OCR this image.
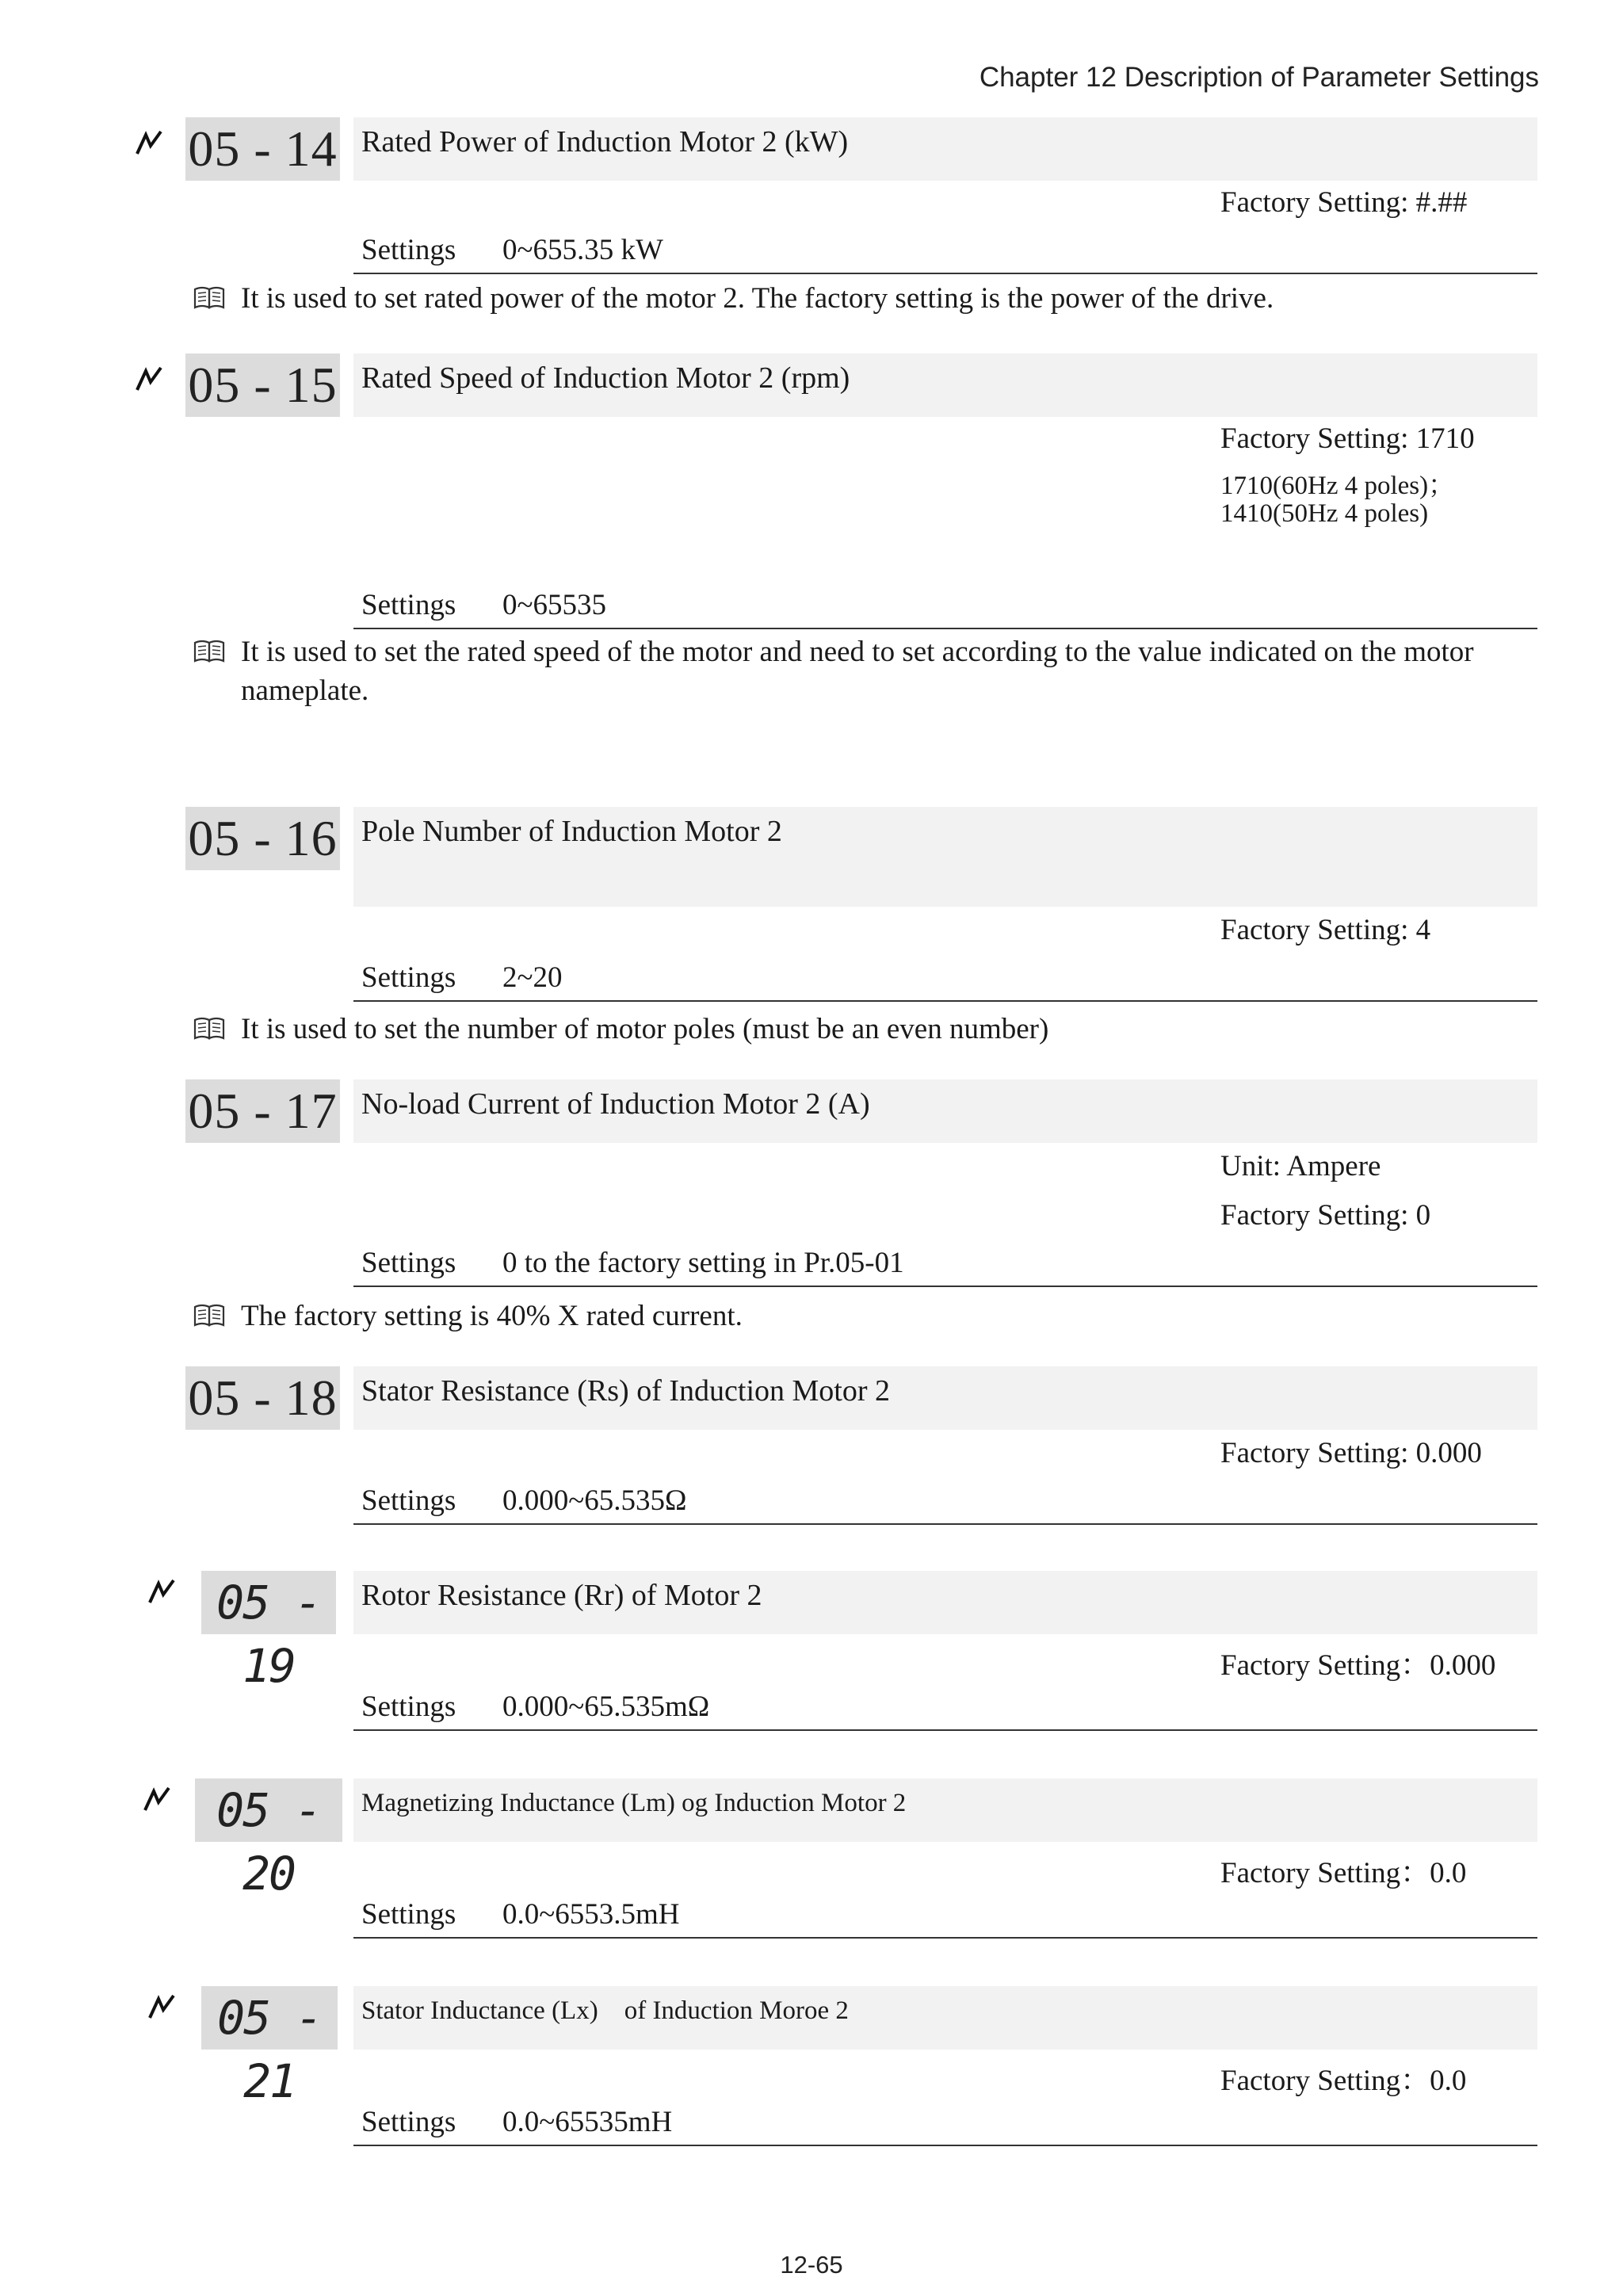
Chapter 12 Description of Parameter Settings
05 - 14 Rated Power of Induction Motor 2 (kW)
Factory Setting: #.##
Settings 0~655.35 kW
It is used to set rated power of the motor 2. The factory setting is the power of the drive.
05 - 15 Rated Speed of Induction Motor 2 (rpm)
Factory Setting: 1710
1710(60Hz 4 poles)；
1410(50Hz 4 poles)
Settings 0~65535
It is used to set the rated speed of the motor and need to set according to the value indicated on the motor nameplate.
05 - 16 Pole Number of Induction Motor 2
Factory Setting: 4
Settings 2~20
It is used to set the number of motor poles (must be an even number)
05 - 17 No-load Current of Induction Motor 2 (A)
Unit: Ampere
Factory Setting: 0
Settings 0 to the factory setting in Pr.05-01
The factory setting is 40% X rated current.
05 - 18 Stator Resistance (Rs) of Induction Motor 2
Factory Setting: 0.000
Settings 0.000~65.535Ω
05 - 19
Rotor Resistance (Rr) of Motor 2
Factory Setting：0.000
Settings 0.000~65.535mΩ
05 - 20
Magnetizing Inductance (Lm) og Induction Motor 2
Factory Setting：0.0
Settings 0.0~6553.5mH
05 - 21
Stator Inductance (Lx)　of Induction Moroe 2
Factory Setting：0.0
Settings 0.0~65535mH
12-65
